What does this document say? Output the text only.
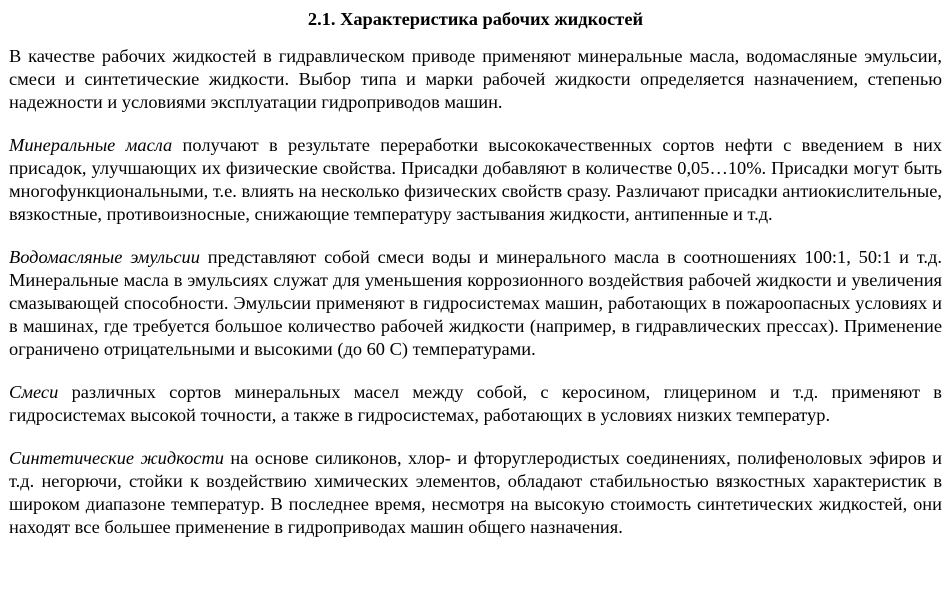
2.1. Характеристика рабочих жидкостей

В качестве рабочих жидкостей в гидравлическом приводе применяют минеральные масла, водомасляные эмульсии, смеси и синтетические жидкости. Выбор типа и марки рабочей жидкости определяется назначением, степенью надежности и условиями эксплуатации гидроприводов машин.

Минеральные масла получают в результате переработки высококачественных сортов нефти с введением в них присадок, улучшающих их физические свойства. Присадки добавляют в количестве 0,05…10%. Присадки могут быть многофункциональными, т.е. влиять на несколько физических свойств сразу. Различают присадки антиокислительные, вязкостные, противоизносные, снижающие температуру застывания жидкости, антипенные и т.д.

Водомасляные эмульсии представляют собой смеси воды и минерального масла в соотношениях 100:1, 50:1 и т.д. Минеральные масла в эмульсиях служат для уменьшения коррозионного воздействия рабочей жидкости и увеличения смазывающей способности. Эмульсии применяют в гидросистемах машин, работающих в пожароопасных условиях и в машинах, где требуется большое количество рабочей жидкости (например, в гидравлических прессах). Применение ограничено отрицательными и высокими (до 60 С) температурами.

Смеси различных сортов минеральных масел между собой, с керосином, глицерином и т.д. применяют в гидросистемах высокой точности, а также в гидросистемах, работающих в условиях низких температур.

Синтетические жидкости на основе силиконов, хлор- и фторуглеродистых соединениях, полифеноловых эфиров и т.д. негорючи, стойки к воздействию химических элементов, обладают стабильностью вязкостных характеристик в широком диапазоне температур. В последнее время, несмотря на высокую стоимость синтетических жидкостей, они находят все большее применение в гидроприводах машин общего назначения.
